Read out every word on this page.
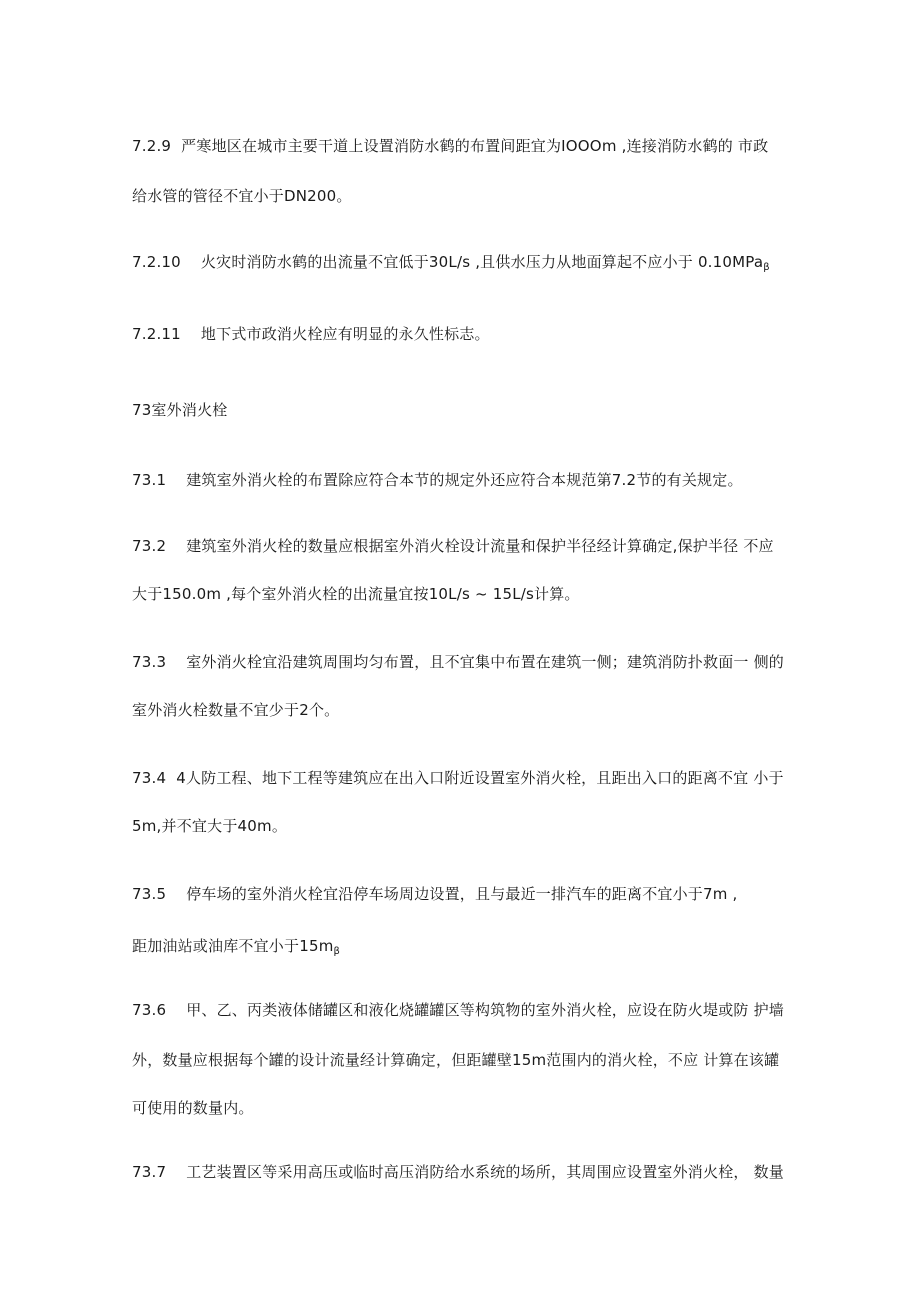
7.2.9 严寒地区在城市主要干道上设置消防水鹤的布置间距宜为IOOOm ,连接消防水鹤的 市政
给水管的管径不宜小于DN200。
7.2.10 火灾时消防水鹤的出流量不宜低于30L/s ,且供水压力从地面算起不应小于 0.10MPa$_\beta$
7.2.11 地下式市政消火栓应有明显的永久性标志。
73室外消火栓
73.1 建筑室外消火栓的布置除应符合本节的规定外还应符合本规范第7.2节的有关规定。
73.2 建筑室外消火栓的数量应根据室外消火栓设计流量和保护半径经计算确定,保护半径 不应
大于150.0m ,每个室外消火栓的出流量宜按10L/s ~ 15L/s计算。
73.3 室外消火栓宜沿建筑周围均匀布置，且不宜集中布置在建筑一侧；建筑消防扑救面一 侧的
室外消火栓数量不宜少于2个。
73.4 4人防工程、地下工程等建筑应在出入口附近设置室外消火栓，且距出入口的距离不宜 小于
5m,并不宜大于40m。
73.5 停车场的室外消火栓宜沿停车场周边设置，且与最近一排汽车的距离不宜小于7m ,
距加油站或油库不宜小于$15m_\beta$
73.6 甲、乙、丙类液体储罐区和液化烧罐罐区等构筑物的室外消火栓，应设在防火堤或防 护墙
外，数量应根据每个罐的设计流量经计算确定，但距罐壁15m范围内的消火栓，不应 计算在该罐
可使用的数量内。
73.7 工艺装置区等采用高压或临时高压消防给水系统的场所，其周围应设置室外消火栓， 数量
